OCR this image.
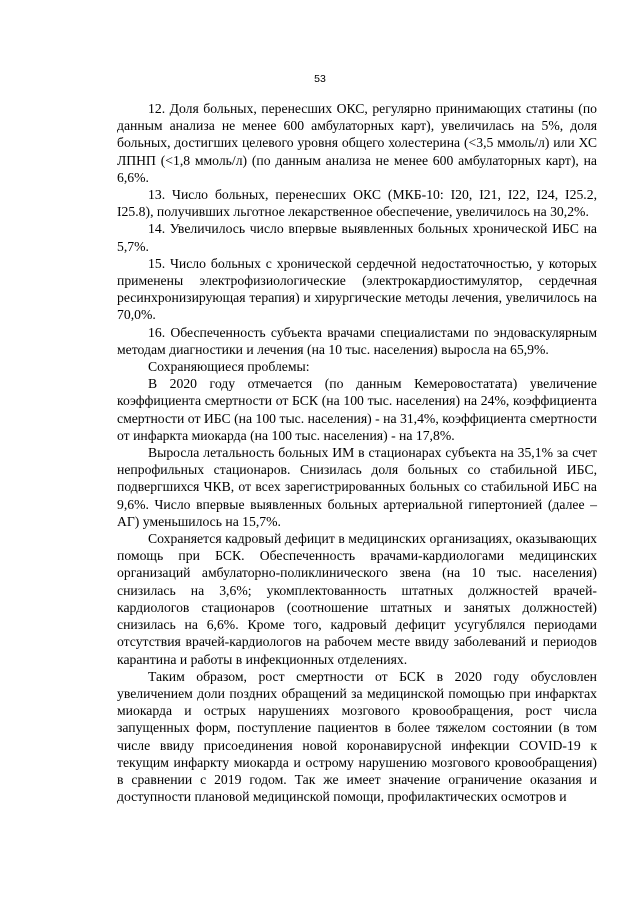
53

12. Доля больных, перенесших ОКС, регулярно принимающих статины (по данным анализа не менее 600 амбулаторных карт), увеличилась на 5%, доля больных, достигших целевого уровня общего холестерина (<3,5 ммоль/л) или ХС ЛПНП (<1,8 ммоль/л) (по данным анализа не менее 600 амбулаторных карт), на 6,6%.

13. Число больных, перенесших ОКС (МКБ-10: I20, I21, I22, I24, I25.2, I25.8), получивших льготное лекарственное обеспечение, увеличилось на 30,2%.

14. Увеличилось число впервые выявленных больных хронической ИБС на 5,7%.

15. Число больных с хронической сердечной недостаточностью, у которых применены электрофизиологические (электрокардиостимулятор, сердечная ресинхронизирующая терапия) и хирургические методы лечения, увеличилось на 70,0%.

16. Обеспеченность субъекта врачами специалистами по эндоваскулярным методам диагностики и лечения (на 10 тыс. населения) выросла на 65,9%.

Сохраняющиеся проблемы:

В 2020 году отмечается (по данным Кемеровостатата) увеличение коэффициента смертности от БСК (на 100 тыс. населения) на 24%, коэффициента смертности от ИБС (на 100 тыс. населения) - на 31,4%, коэффициента смертности от инфаркта миокарда (на 100 тыс. населения) - на 17,8%.

Выросла летальность больных ИМ в стационарах субъекта на 35,1% за счет непрофильных стационаров. Снизилась доля больных со стабильной ИБС, подвергшихся ЧКВ, от всех зарегистрированных больных со стабильной ИБС на 9,6%. Число впервые выявленных больных артериальной гипертонией (далее – АГ) уменьшилось на 15,7%.

Сохраняется кадровый дефицит в медицинских организациях, оказывающих помощь при БСК. Обеспеченность врачами-кардиологами медицинских организаций амбулаторно-поликлинического звена (на 10 тыс. населения) снизилась на 3,6%; укомплектованность штатных должностей врачей-кардиологов стационаров (соотношение штатных и занятых должностей) снизилась на 6,6%. Кроме того, кадровый дефицит усугублялся периодами отсутствия врачей-кардиологов на рабочем месте ввиду заболеваний и периодов карантина и работы в инфекционных отделениях.

Таким образом, рост смертности от БСК в 2020 году обусловлен увеличением доли поздних обращений за медицинской помощью при инфарктах миокарда и острых нарушениях мозгового кровообращения, рост числа запущенных форм, поступление пациентов в более тяжелом состоянии (в том числе ввиду присоединения новой коронавирусной инфекции COVID-19 к текущим инфаркту миокарда и острому нарушению мозгового кровообращения) в сравнении с 2019 годом. Так же имеет значение ограничение оказания и доступности плановой медицинской помощи, профилактических осмотров и
